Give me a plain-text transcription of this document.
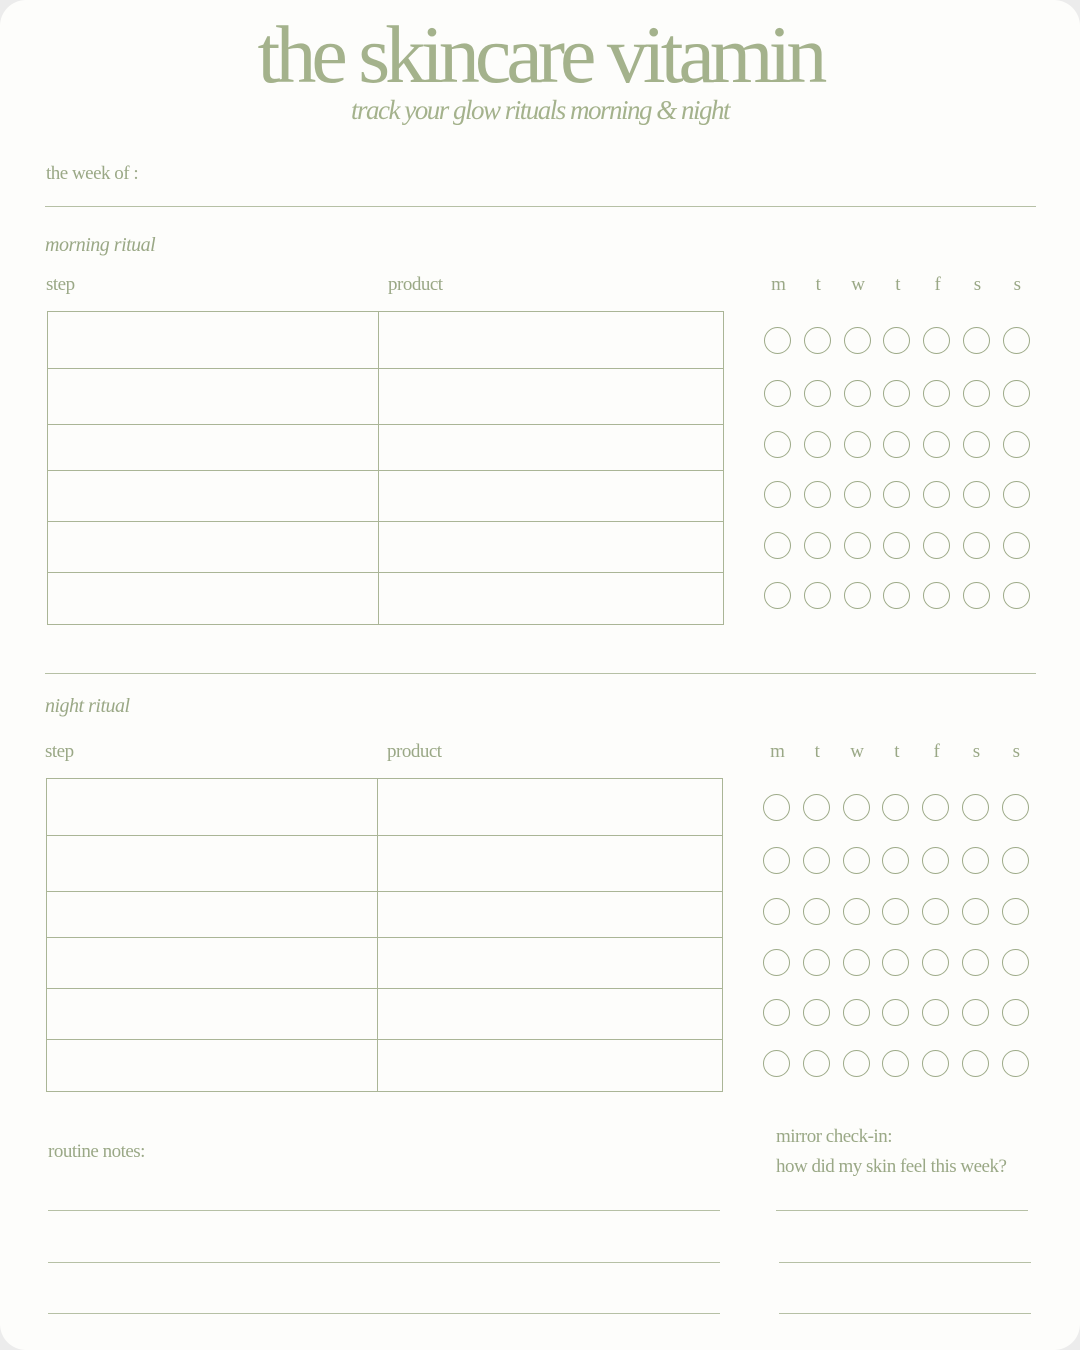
the skincare vitamin
track your glow rituals morning & night
the week of :
morning ritual
step	product	m	t	w	t	f	s	s

night ritual
step	product	m	t	w	t	f	s	s

routine notes:
mirror check-in:
how did my skin feel this week?
